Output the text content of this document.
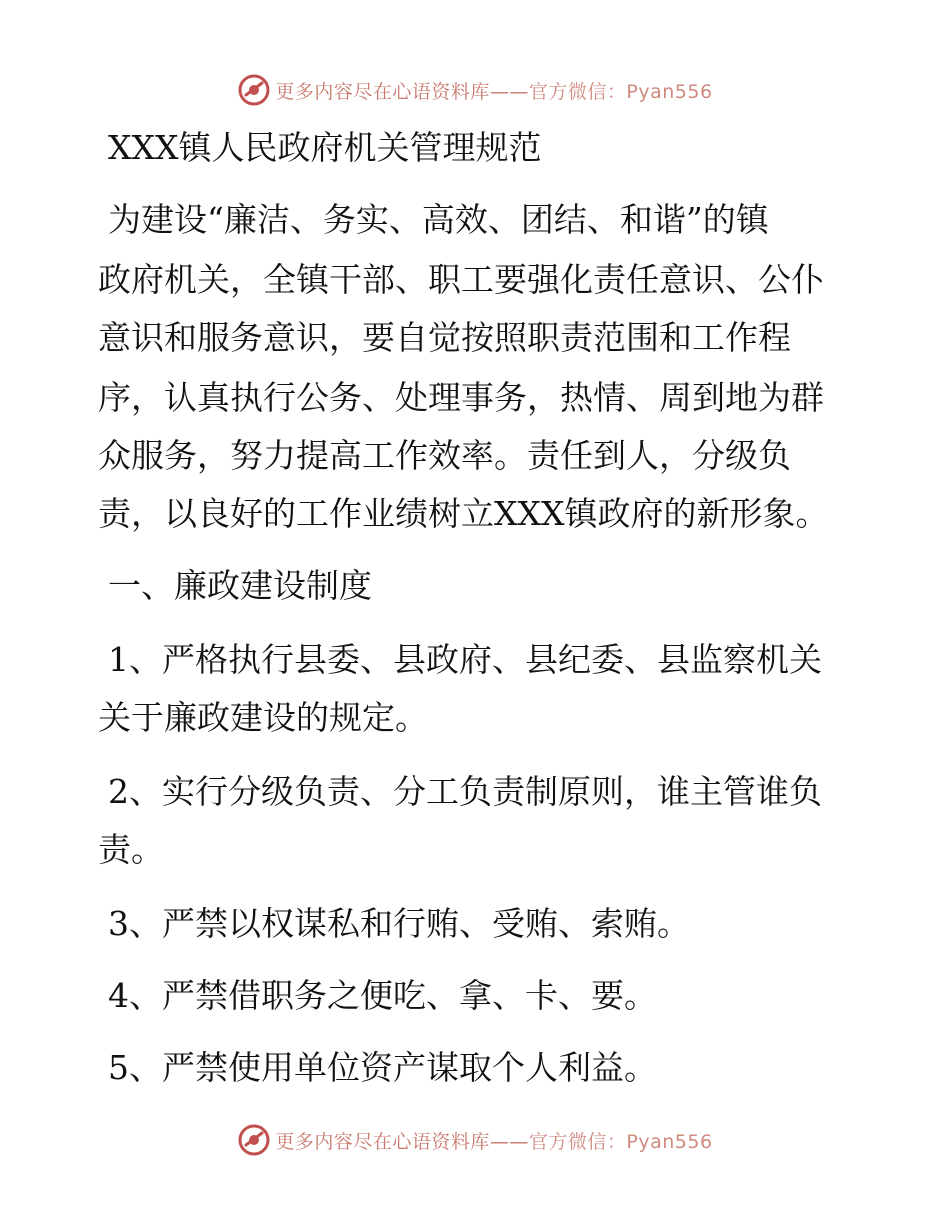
更多内容尽在心语资料库——官方微信：Pyan556
XXX镇人民政府机关管理规范
为建设“廉洁、务实、高效、团结、和谐”的镇
政府机关，全镇干部、职工要强化责任意识、公仆
意识和服务意识，要自觉按照职责范围和工作程
序，认真执行公务、处理事务，热情、周到地为群
众服务，努力提高工作效率。责任到人，分级负
责，以良好的工作业绩树立XXX镇政府的新形象。
一、廉政建设制度
1、严格执行县委、县政府、县纪委、县监察机关
关于廉政建设的规定。
2、实行分级负责、分工负责制原则，谁主管谁负
责。
3、严禁以权谋私和行贿、受贿、索贿。
4、严禁借职务之便吃、拿、卡、要。
5、严禁使用单位资产谋取个人利益。
更多内容尽在心语资料库——官方微信：Pyan556
